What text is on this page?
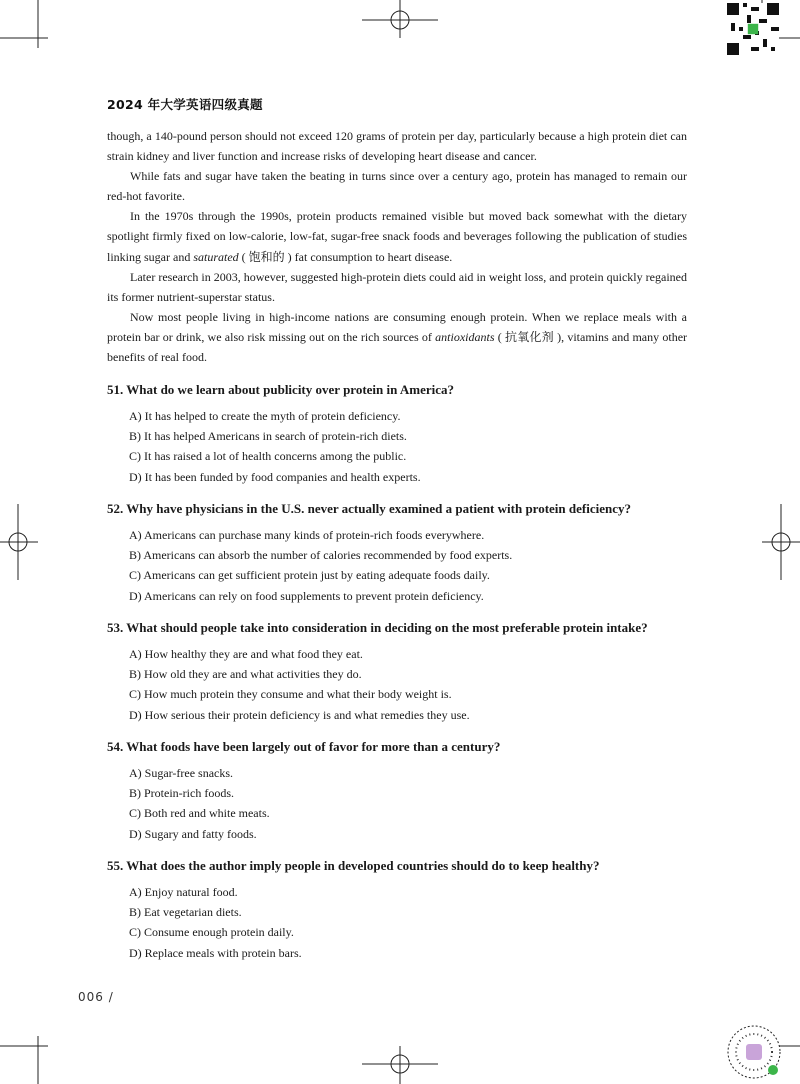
2024 年大学英语四级真题

though, a 140-pound person should not exceed 120 grams of protein per day, particularly because a high protein diet can strain kidney and liver function and increase risks of developing heart disease and cancer.

While fats and sugar have taken the beating in turns since over a century ago, protein has managed to remain our red-hot favorite.

In the 1970s through the 1990s, protein products remained visible but moved back somewhat with the dietary spotlight firmly fixed on low-calorie, low-fat, sugar-free snack foods and beverages following the publication of studies linking sugar and saturated ( 饱和的 ) fat consumption to heart disease.

Later research in 2003, however, suggested high-protein diets could aid in weight loss, and protein quickly regained its former nutrient-superstar status.

Now most people living in high-income nations are consuming enough protein. When we replace meals with a protein bar or drink, we also risk missing out on the rich sources of antioxidants ( 抗氧化剂 ), vitamins and many other benefits of real food.

51. What do we learn about publicity over protein in America?
A) It has helped to create the myth of protein deficiency.
B) It has helped Americans in search of protein-rich diets.
C) It has raised a lot of health concerns among the public.
D) It has been funded by food companies and health experts.
52. Why have physicians in the U.S. never actually examined a patient with protein deficiency?
A) Americans can purchase many kinds of protein-rich foods everywhere.
B) Americans can absorb the number of calories recommended by food experts.
C) Americans can get sufficient protein just by eating adequate foods daily.
D) Americans can rely on food supplements to prevent protein deficiency.
53. What should people take into consideration in deciding on the most preferable protein intake?
A) How healthy they are and what food they eat.
B) How old they are and what activities they do.
C) How much protein they consume and what their body weight is.
D) How serious their protein deficiency is and what remedies they use.
54. What foods have been largely out of favor for more than a century?
A) Sugar-free snacks.
B) Protein-rich foods.
C) Both red and white meats.
D) Sugary and fatty foods.
55. What does the author imply people in developed countries should do to keep healthy?
A) Enjoy natural food.
B) Eat vegetarian diets.
C) Consume enough protein daily.
D) Replace meals with protein bars.
006 /
